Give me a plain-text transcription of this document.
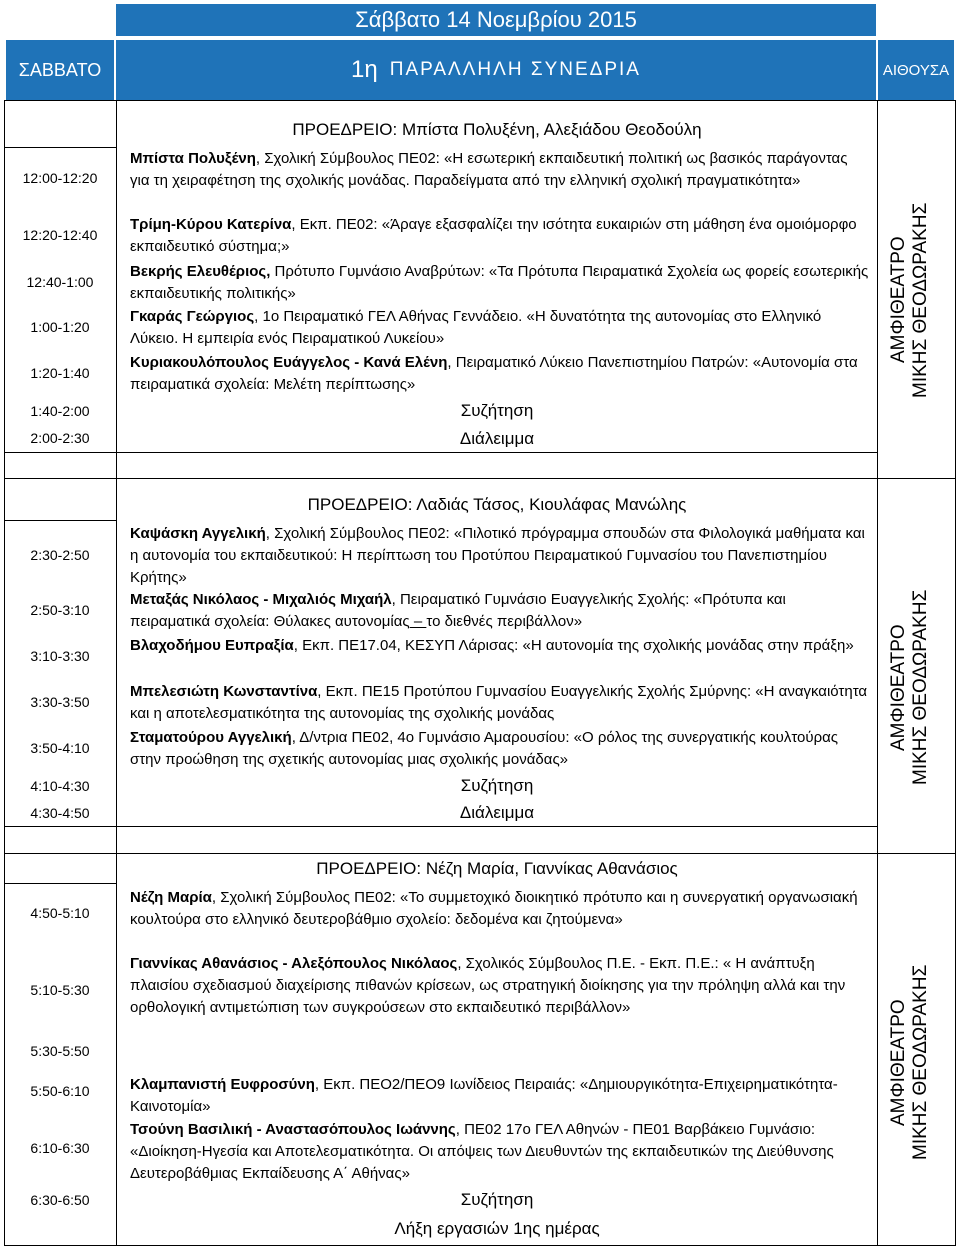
Σάββατο 14 Νοεμβρίου 2015
ΣΑΒΒΑΤΟ	1η ΠΑΡΑΛΛΗΛΗ ΣΥΝΕΔΡΙΑ	ΑΙΘΟΥΣΑ
ΠΡΟΕΔΡΕΙΟ: Μπίστα Πολυξένη, Αλεξιάδου Θεοδούλη
12:00-12:20
12:20-12:40
12:40-1:00
1:00-1:20
1:20-1:40
1:40-2:00
2:00-2:30
Μπίστα Πολυξένη, Σχολική Σύμβουλος ΠΕ02: «Η εσωτερική εκπαιδευτική πολιτική ως βασικός παράγοντας για τη χειραφέτηση της σχολικής μονάδας. Παραδείγματα από την ελληνική σχολική πραγματικότητα»
Τρίμη-Κύρου Κατερίνα, Εκπ. ΠΕ02: «Άραγε εξασφαλίζει την ισότητα ευκαιριών στη μάθηση ένα ομοιόμορφο εκπαιδευτικό σύστημα;»
Βεκρής Ελευθέριος, Πρότυπο Γυμνάσιο Αναβρύτων: «Τα Πρότυπα Πειραματικά Σχολεία ως φορείς εσωτερικής εκπαιδευτικής πολιτικής»
Γκαράς Γεώργιος, 1ο Πειραματικό ΓΕΛ Αθήνας Γεννάδειο. «Η δυνατότητα της αυτονομίας στο Ελληνικό Λύκειο. Η εμπειρία ενός Πειραματικού Λυκείου»
Κυριακουλόπουλος Ευάγγελος - Κανά Ελένη, Πειραματικό Λύκειο Πανεπιστημίου Πατρών: «Αυτονομία στα πειραματικά σχολεία: Μελέτη περίπτωσης»
Συζήτηση
Διάλειμμα
ΑΜΦΙΘΕΑΤΡΟ
ΜΙΚΗΣ ΘΕΟΔΩΡΑΚΗΣ
ΠΡΟΕΔΡΕΙΟ: Λαδιάς Τάσος, Κιουλάφας Μανώλης
2:30-2:50
2:50-3:10
3:10-3:30
3:30-3:50
3:50-4:10
4:10-4:30
4:30-4:50
Καψάσκη Αγγελική, Σχολική Σύμβουλος ΠΕ02: «Πιλοτικό πρόγραμμα σπουδών στα Φιλολογικά μαθήματα και η αυτονομία του εκπαιδευτικού: Η περίπτωση του Προτύπου Πειραματικού Γυμνασίου του Πανεπιστημίου Κρήτης»
Μεταξάς Νικόλαος - Μιχαλιός Μιχαήλ, Πειραματικό Γυμνάσιο Ευαγγελικής Σχολής: «Πρότυπα και πειραματικά σχολεία: Θύλακες αυτονομίας – το διεθνές περιβάλλον»
Βλαχοδήμου Ευπραξία, Εκπ. ΠΕ17.04, ΚΕΣΥΠ Λάρισας: «Η αυτονομία της σχολικής μονάδας στην πράξη»
Μπελεσιώτη Κωνσταντίνα, Εκπ. ΠΕ15 Προτύπου Γυμνασίου Ευαγγελικής Σχολής Σμύρνης: «Η αναγκαιότητα και η αποτελεσματικότητα της αυτονομίας της σχολικής μονάδας
Σταματούρου Αγγελική, Δ/ντρια ΠΕ02, 4ο Γυμνάσιο Αμαρουσίου: «Ο ρόλος της συνεργατικής κουλτούρας στην προώθηση της σχετικής αυτονομίας μιας σχολικής μονάδας»
Συζήτηση
Διάλειμμα
ΑΜΦΙΘΕΑΤΡΟ
ΜΙΚΗΣ ΘΕΟΔΩΡΑΚΗΣ
ΠΡΟΕΔΡΕΙΟ: Νέζη Μαρία, Γιαννίκας Αθανάσιος
4:50-5:10
5:10-5:30
5:30-5:50
5:50-6:10
6:10-6:30
6:30-6:50
Νέζη Μαρία, Σχολική Σύμβουλος ΠΕ02: «Το συμμετοχικό διοικητικό πρότυπο και η συνεργατική οργανωσιακή κουλτούρα στο ελληνικό δευτεροβάθμιο σχολείο: δεδομένα και ζητούμενα»
Γιαννίκας Αθανάσιος - Αλεξόπουλος Νικόλαος, Σχολικός Σύμβουλος Π.Ε. - Εκπ. Π.Ε.: « Η ανάπτυξη πλαισίου σχεδιασμού διαχείρισης πιθανών κρίσεων, ως στρατηγική διοίκησης για την πρόληψη αλλά και την ορθολογική αντιμετώπιση των συγκρούσεων στο εκπαιδευτικό περιβάλλον»
Κλαμπανιστή Ευφροσύνη, Εκπ. ΠΕΟ2/ΠΕΟ9 Ιωνίδειος Πειραιάς: «Δημιουργικότητα-Επιχειρηματικότητα- Καινοτομία»
Τσούνη Βασιλική - Αναστασόπουλος Ιωάννης, ΠΕ02 17ο ΓΕΛ Αθηνών - ΠΕ01 Βαρβάκειο Γυμνάσιο: «Διοίκηση-Ηγεσία και Αποτελεσματικότητα. Οι απόψεις των Διευθυντών της εκπαιδευτικών της Διεύθυνσης Δευτεροβάθμιας Εκπαίδευσης Α΄ Αθήνας»
Συζήτηση
Λήξη εργασιών 1ης ημέρας
ΑΜΦΙΘΕΑΤΡΟ
ΜΙΚΗΣ ΘΕΟΔΩΡΑΚΗΣ
